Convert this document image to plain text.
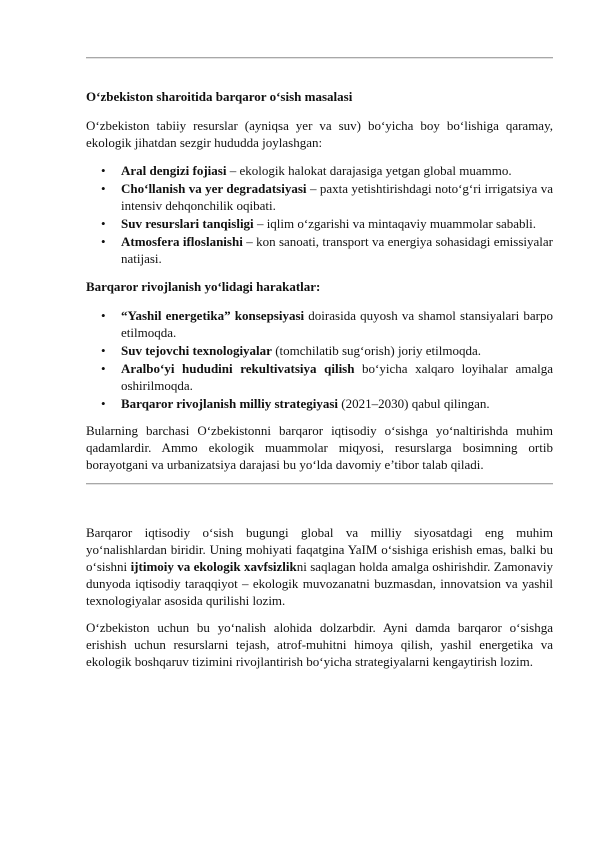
O‘zbekiston sharoitida barqaror o‘sish masalasi

O‘zbekiston tabiiy resurslar (ayniqsa yer va suv) bo‘yicha boy bo‘lishiga qaramay, ekologik jihatdan sezgir hududda joylashgan:

• Aral dengizi fojiasi – ekologik halokat darajasiga yetgan global muammo.
• Cho‘llanish va yer degradatsiyasi – paxta yetishtirishdagi noto‘g‘ri irrigatsiya va intensiv dehqonchilik oqibati.
• Suv resurslari tanqisligi – iqlim o‘zgarishi va mintaqaviy muammolar sababli.
• Atmosfera ifloslanishi – kon sanoati, transport va energiya sohasidagi emissiyalar natijasi.
Barqaror rivojlanish yo‘lidagi harakatlar:
• “Yashil energetika” konsepsiyasi doirasida quyosh va shamol stansiyalari barpo etilmoqda.
• Suv tejovchi texnologiyalar (tomchilatib sug‘orish) joriy etilmoqda.
• Aralbo‘yi hududini rekultivatsiya qilish bo‘yicha xalqaro loyihalar amalga oshirilmoqda.
• Barqaror rivojlanish milliy strategiyasi (2021–2030) qabul qilingan.

Bularning barchasi O‘zbekistonni barqaror iqtisodiy o‘sishga yo‘naltirishda muhim qadamlardir. Ammo ekologik muammolar miqyosi, resurslarga bosimning ortib borayotgani va urbanizatsiya darajasi bu yo‘lda davomiy e’tibor talab qiladi.

Barqaror iqtisodiy o‘sish bugungi global va milliy siyosatdagi eng muhim yo‘nalishlardan biridir. Uning mohiyati faqatgina YaIM o‘sishiga erishish emas, balki bu o‘sishni ijtimoiy va ekologik xavfsizlikni saqlagan holda amalga oshirishdir. Zamonaviy dunyoda iqtisodiy taraqqiyot – ekologik muvozanatni buzmasdan, innovatsion va yashil texnologiyalar asosida qurilishi lozim.

O‘zbekiston uchun bu yo‘nalish alohida dolzarbdir. Ayni damda barqaror o‘sishga erishish uchun resurslarni tejash, atrof-muhitni himoya qilish, yashil energetika va ekologik boshqaruv tizimini rivojlantirish bo‘yicha strategiyalarni kengaytirish lozim.
